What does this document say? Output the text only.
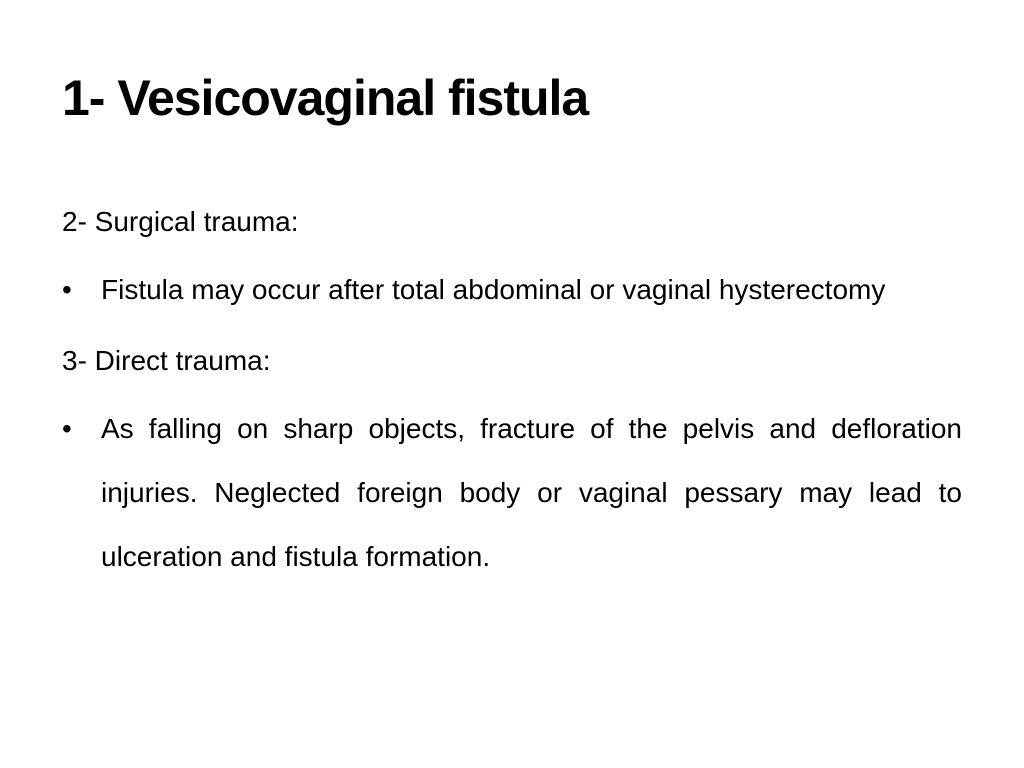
1- Vesicovaginal fistula

2- Surgical trauma:

• Fistula may occur after total abdominal or vaginal hysterectomy

3- Direct trauma:

• As falling on sharp objects, fracture of the pelvis and defloration injuries. Neglected foreign body or vaginal pessary may lead to ulceration and fistula formation.
